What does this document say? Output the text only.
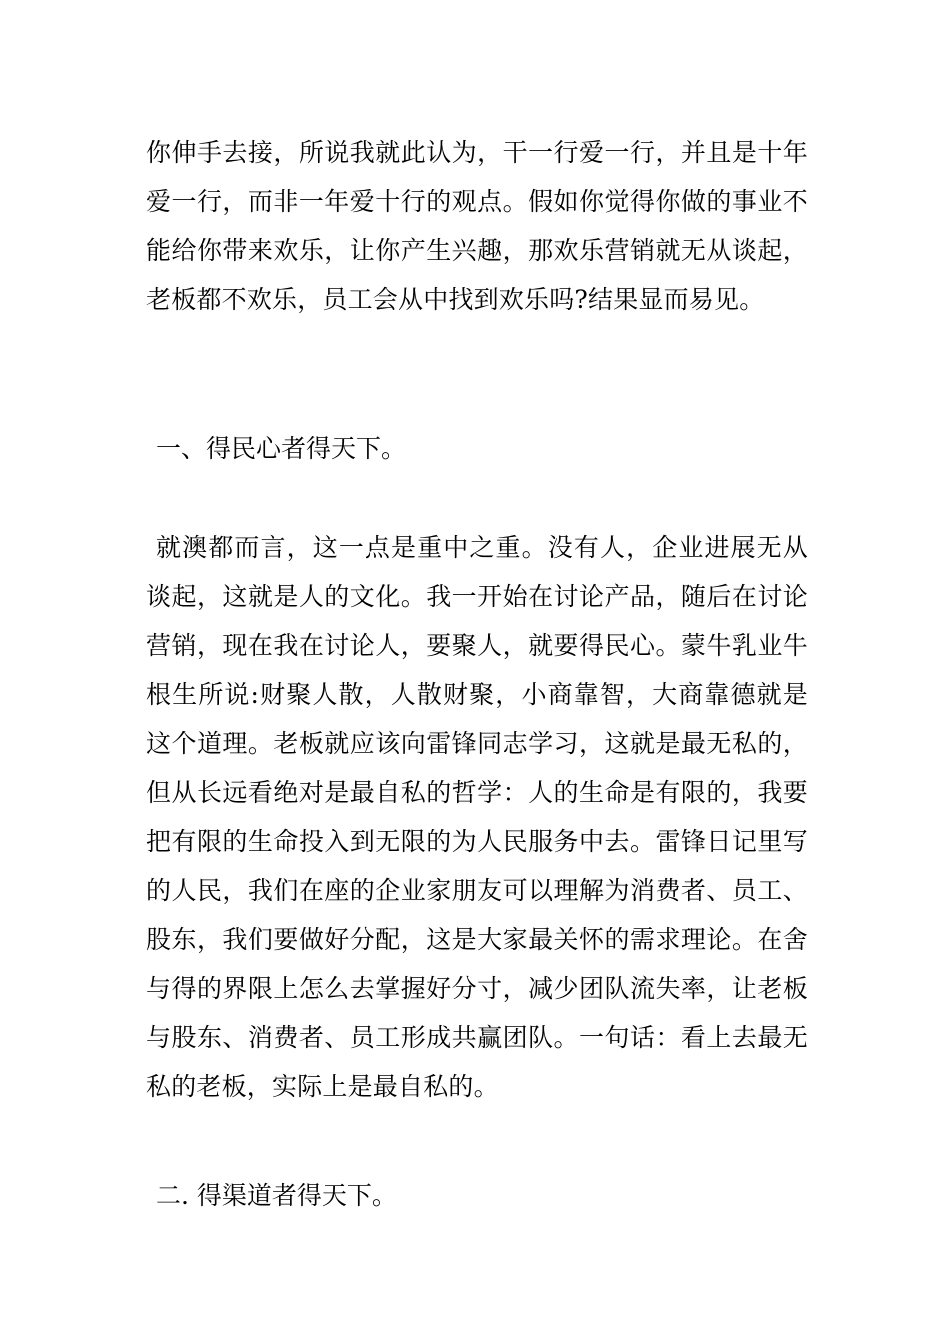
你伸手去接，所说我就此认为，干一行爱一行，并且是十年爱一行，而非一年爱十行的观点。假如你觉得你做的事业不能给你带来欢乐，让你产生兴趣，那欢乐营销就无从谈起，老板都不欢乐，员工会从中找到欢乐吗?结果显而易见。

一、得民心者得天下。

就澳都而言，这一点是重中之重。没有人，企业进展无从谈起，这就是人的文化。我一开始在讨论产品，随后在讨论营销，现在我在讨论人，要聚人，就要得民心。蒙牛乳业牛根生所说:财聚人散，人散财聚，小商靠智，大商靠德就是这个道理。老板就应该向雷锋同志学习，这就是最无私的，但从长远看绝对是最自私的哲学：人的生命是有限的，我要把有限的生命投入到无限的为人民服务中去。雷锋日记里写的人民，我们在座的企业家朋友可以理解为消费者、员工、股东，我们要做好分配，这是大家最关怀的需求理论。在舍与得的界限上怎么去掌握好分寸，减少团队流失率，让老板与股东、消费者、员工形成共赢团队。一句话：看上去最无私的老板，实际上是最自私的。

二. 得渠道者得天下。
